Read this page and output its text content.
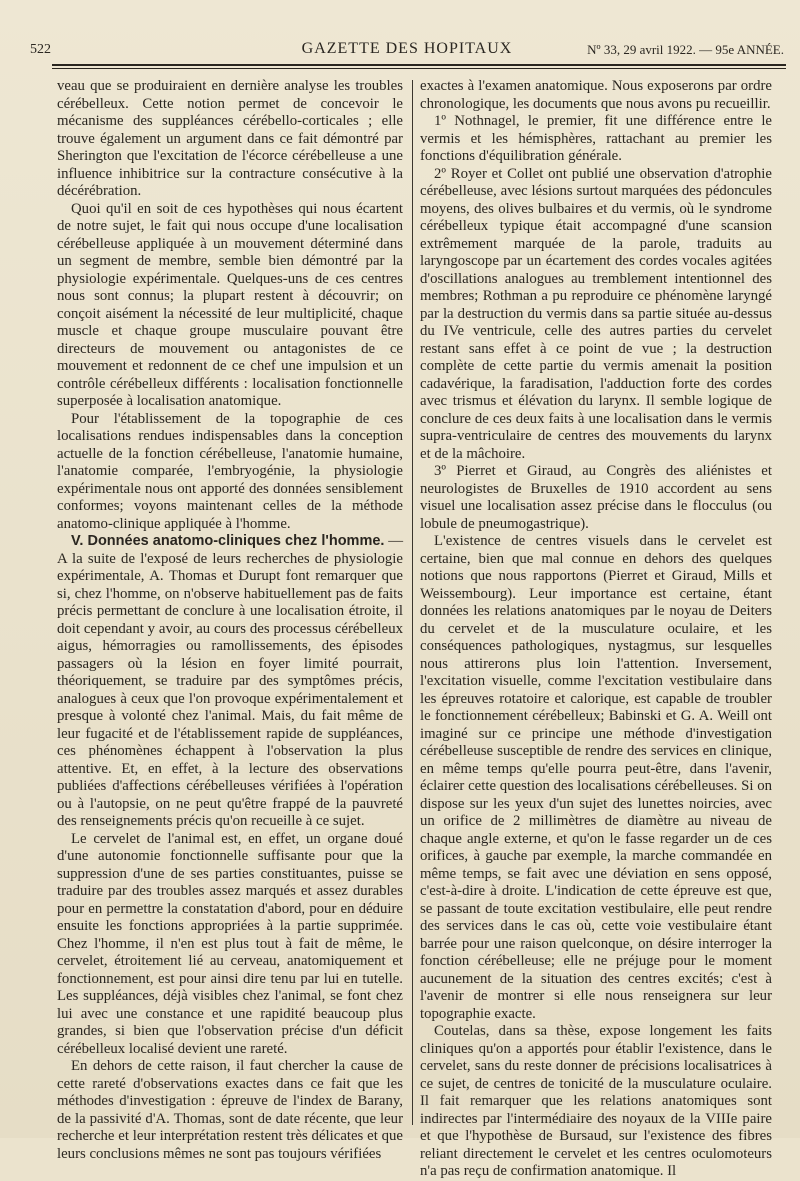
522	GAZETTE DES HOPITAUX	Nº 33, 29 avril 1922. — 95e ANNÉE.

veau que se produiraient en dernière analyse les troubles cérébelleux. Cette notion permet de concevoir le mécanisme des suppléances cérébello-corticales ; elle trouve également un argument dans ce fait démontré par Sherington que l'excitation de l'écorce cérébelleuse a une influence inhibitrice sur la contracture consécutive à la décérébration.

Quoi qu'il en soit de ces hypothèses qui nous écartent de notre sujet, le fait qui nous occupe d'une localisation cérébelleuse appliquée à un mouvement déterminé dans un segment de membre, semble bien démontré par la physiologie expérimentale. Quelques-uns de ces centres nous sont connus; la plupart restent à découvrir; on conçoit aisément la nécessité de leur multiplicité, chaque muscle et chaque groupe musculaire pouvant être directeurs de mouvement ou antagonistes de ce mouvement et redonnent de ce chef une impulsion et un contrôle cérébelleux différents : localisation fonctionnelle superposée à localisation anatomique.

Pour l'établissement de la topographie de ces localisations rendues indispensables dans la conception actuelle de la fonction cérébelleuse, l'anatomie humaine, l'anatomie comparée, l'embryogénie, la physiologie expérimentale nous ont apporté des données sensiblement conformes; voyons maintenant celles de la méthode anatomo-clinique appliquée à l'homme.

V. Données anatomo-cliniques chez l'homme. — A la suite de l'exposé de leurs recherches de physiologie expérimentale, A. Thomas et Durupt font remarquer que si, chez l'homme, on n'observe habituellement pas de faits précis permettant de conclure à une localisation étroite, il doit cependant y avoir, au cours des processus cérébelleux aigus, hémorragies ou ramollissements, des épisodes passagers où la lésion en foyer limité pourrait, théoriquement, se traduire par des symptômes précis, analogues à ceux que l'on provoque expérimentalement et presque à volonté chez l'animal. Mais, du fait même de leur fugacité et de l'établissement rapide de suppléances, ces phénomènes échappent à l'observation la plus attentive. Et, en effet, à la lecture des observations publiées d'affections cérébelleuses vérifiées à l'opération ou à l'autopsie, on ne peut qu'être frappé de la pauvreté des renseignements précis qu'on recueille à ce sujet.

Le cervelet de l'animal est, en effet, un organe doué d'une autonomie fonctionnelle suffisante pour que la suppression d'une de ses parties constituantes, puisse se traduire par des troubles assez marqués et assez durables pour en permettre la constatation d'abord, pour en déduire ensuite les fonctions appropriées à la partie supprimée. Chez l'homme, il n'en est plus tout à fait de même, le cervelet, étroitement lié au cerveau, anatomiquement et fonctionnement, est pour ainsi dire tenu par lui en tutelle. Les suppléances, déjà visibles chez l'animal, se font chez lui avec une constance et une rapidité beaucoup plus grandes, si bien que l'observation précise d'un déficit cérébelleux localisé devient une rareté.

En dehors de cette raison, il faut chercher la cause de cette rareté d'observations exactes dans ce fait que les méthodes d'investigation : épreuve de l'index de Barany, de la passivité d'A. Thomas, sont de date récente, que leur recherche et leur interprétation restent très délicates et que leurs conclusions mêmes ne sont pas toujours vérifiées

exactes à l'examen anatomique. Nous exposerons par ordre chronologique, les documents que nous avons pu recueillir.

1º Nothnagel, le premier, fit une différence entre le vermis et les hémisphères, rattachant au premier les fonctions d'équilibration générale.

2º Royer et Collet ont publié une observation d'atrophie cérébelleuse, avec lésions surtout marquées des pédoncules moyens, des olives bulbaires et du vermis, où le syndrome cérébelleux typique était accompagné d'une scansion extrêmement marquée de la parole, traduits au laryngoscope par un écartement des cordes vocales agitées d'oscillations analogues au tremblement intentionnel des membres; Rothman a pu reproduire ce phénomène laryngé par la destruction du vermis dans sa partie située au-dessus du IVe ventricule, celle des autres parties du cervelet restant sans effet à ce point de vue ; la destruction complète de cette partie du vermis amenait la position cadavérique, la faradisation, l'adduction forte des cordes avec trismus et élévation du larynx. Il semble logique de conclure de ces deux faits à une localisation dans le vermis supra-ventriculaire de centres des mouvements du larynx et de la mâchoire.

3º Pierret et Giraud, au Congrès des aliénistes et neurologistes de Bruxelles de 1910 accordent au sens visuel une localisation assez précise dans le flocculus (ou lobule de pneumogastrique).

L'existence de centres visuels dans le cervelet est certaine, bien que mal connue en dehors des quelques notions que nous rapportons (Pierret et Giraud, Mills et Weissembourg). Leur importance est certaine, étant données les relations anatomiques par le noyau de Deiters du cervelet et de la musculature oculaire, et les conséquences pathologiques, nystagmus, sur lesquelles nous attirerons plus loin l'attention. Inversement, l'excitation visuelle, comme l'excitation vestibulaire dans les épreuves rotatoire et calorique, est capable de troubler le fonctionnement cérébelleux; Babinski et G. A. Weill ont imaginé sur ce principe une méthode d'investigation cérébelleuse susceptible de rendre des services en clinique, en même temps qu'elle pourra peut-être, dans l'avenir, éclairer cette question des localisations cérébelleuses. Si on dispose sur les yeux d'un sujet des lunettes noircies, avec un orifice de 2 millimètres de diamètre au niveau de chaque angle externe, et qu'on le fasse regarder un de ces orifices, à gauche par exemple, la marche commandée en même temps, se fait avec une déviation en sens opposé, c'est-à-dire à droite. L'indication de cette épreuve est que, se passant de toute excitation vestibulaire, elle peut rendre des services dans le cas où, cette voie vestibulaire étant barrée pour une raison quelconque, on désire interroger la fonction cérébelleuse; elle ne préjuge pour le moment aucunement de la situation des centres excités; c'est à l'avenir de montrer si elle nous renseignera sur leur topographie exacte.

Coutelas, dans sa thèse, expose longement les faits cliniques qu'on a apportés pour établir l'existence, dans le cervelet, sans du reste donner de précisions localisatrices à ce sujet, de centres de tonicité de la musculature oculaire. Il fait remarquer que les relations anatomiques sont indirectes par l'intermédiaire des noyaux de la VIIIe paire et que l'hypothèse de Bursaud, sur l'existence des fibres reliant directement le cervelet et les centres oculomoteurs n'a pas reçu de confirmation anatomique. Il
